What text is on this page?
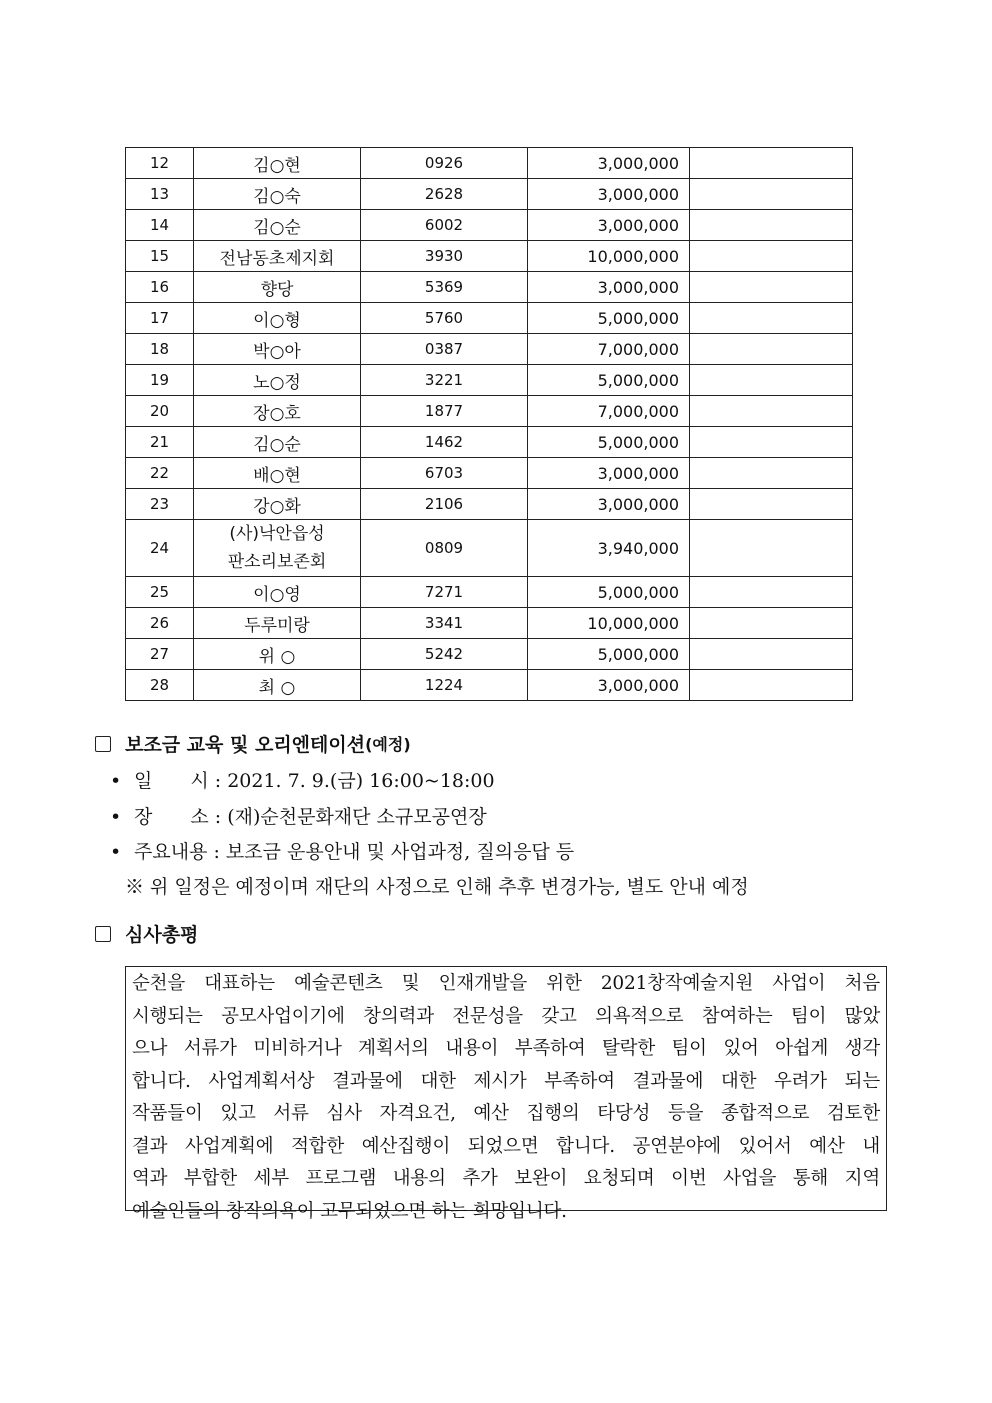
12	김○현	0926	3,000,000	
13	김○숙	2628	3,000,000	
14	김○순	6002	3,000,000	
15	전남동초제지회	3930	10,000,000	
16	향당	5369	3,000,000	
17	이○형	5760	5,000,000	
18	박○아	0387	7,000,000	
19	노○정	3221	5,000,000	
20	장○호	1877	7,000,000	
21	김○순	1462	5,000,000	
22	배○현	6703	3,000,000	
23	강○화	2106	3,000,000	
24	(사)낙안읍성
판소리보존회	0809	3,940,000	
25	이○영	7271	5,000,000	
26	두루미랑	3341	10,000,000	
27	위 ○	5242	5,000,000	
28	최 ○	1224	3,000,000	
보조금 교육 및 오리엔테이션 (예정)
• 일　　시 : 2021. 7. 9.(금) 16:00~18:00
• 장　　소 : (재)순천문화재단 소규모공연장
• 주요내용 : 보조금 운용안내 및 사업과정, 질의응답 등
※ 위 일정은 예정이며 재단의 사정으로 인해 추후 변경가능, 별도 안내 예정
심사총평
순천을 대표하는 예술콘텐츠 및 인재개발을 위한 2021창작예술지원 사업이 처음
시행되는 공모사업이기에 창의력과 전문성을 갖고 의욕적으로 참여하는 팀이 많았
으나 서류가 미비하거나 계획서의 내용이 부족하여 탈락한 팀이 있어 아쉽게 생각
합니다. 사업계획서상 결과물에 대한 제시가 부족하여 결과물에 대한 우려가 되는
작품들이 있고 서류 심사 자격요건, 예산 집행의 타당성 등을 종합적으로 검토한
결과 사업계획에 적합한 예산집행이 되었으면 합니다. 공연분야에 있어서 예산 내
역과 부합한 세부 프로그램 내용의 추가 보완이 요청되며 이번 사업을 통해 지역
예술인들의 창작의욕이 고무되었으면 하는 희망입니다.
